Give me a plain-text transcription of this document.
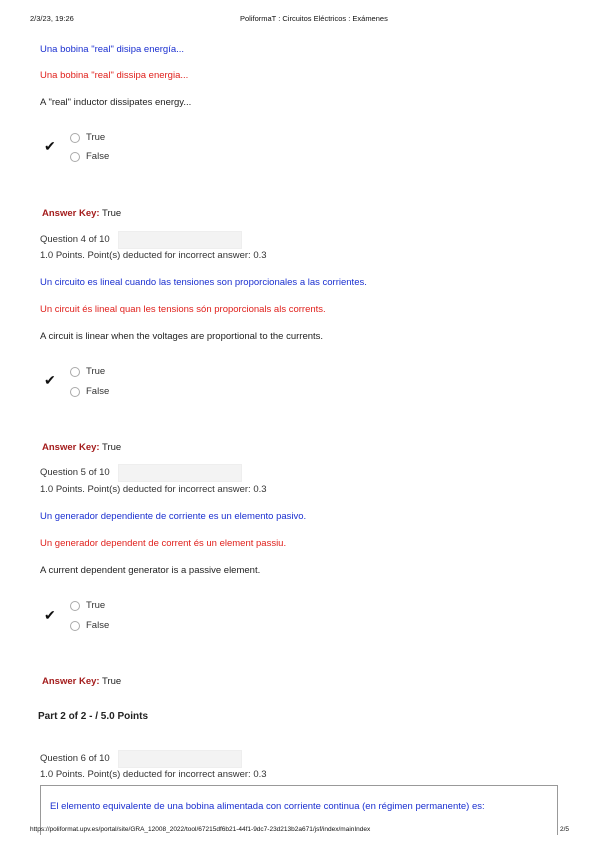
2/3/23, 19:26	PoliformaT : Circuitos Eléctricos : Exámenes
Una bobina "real" disipa energía...
Una bobina "real" dissipa energia...
A "real" inductor dissipates energy...
✔
True
False
Answer Key: True
Question 4 of 10
1.0 Points. Point(s) deducted for incorrect answer: 0.3
Un circuito es lineal cuando las tensiones son proporcionales a las corrientes.
Un circuit és lineal quan les tensions són proporcionals als corrents.
A circuit is linear when the voltages are proportional to the currents.
✔
True
False
Answer Key: True
Question 5 of 10
1.0 Points. Point(s) deducted for incorrect answer: 0.3
Un generador dependiente de corriente es un elemento pasivo.
Un generador dependent de corrent és un element passiu.
A current dependent generator is a passive element.
✔
True
False
Answer Key: True
Part 2 of 2 - / 5.0 Points
Question 6 of 10
1.0 Points. Point(s) deducted for incorrect answer: 0.3
El elemento equivalente de una bobina alimentada con corriente continua (en régimen permanente) es:
https://poliformat.upv.es/portal/site/GRA_12008_2022/tool/67215df6b21-44f1-9dc7-23d213b2a671/jsf/index/mainIndex	2/5
